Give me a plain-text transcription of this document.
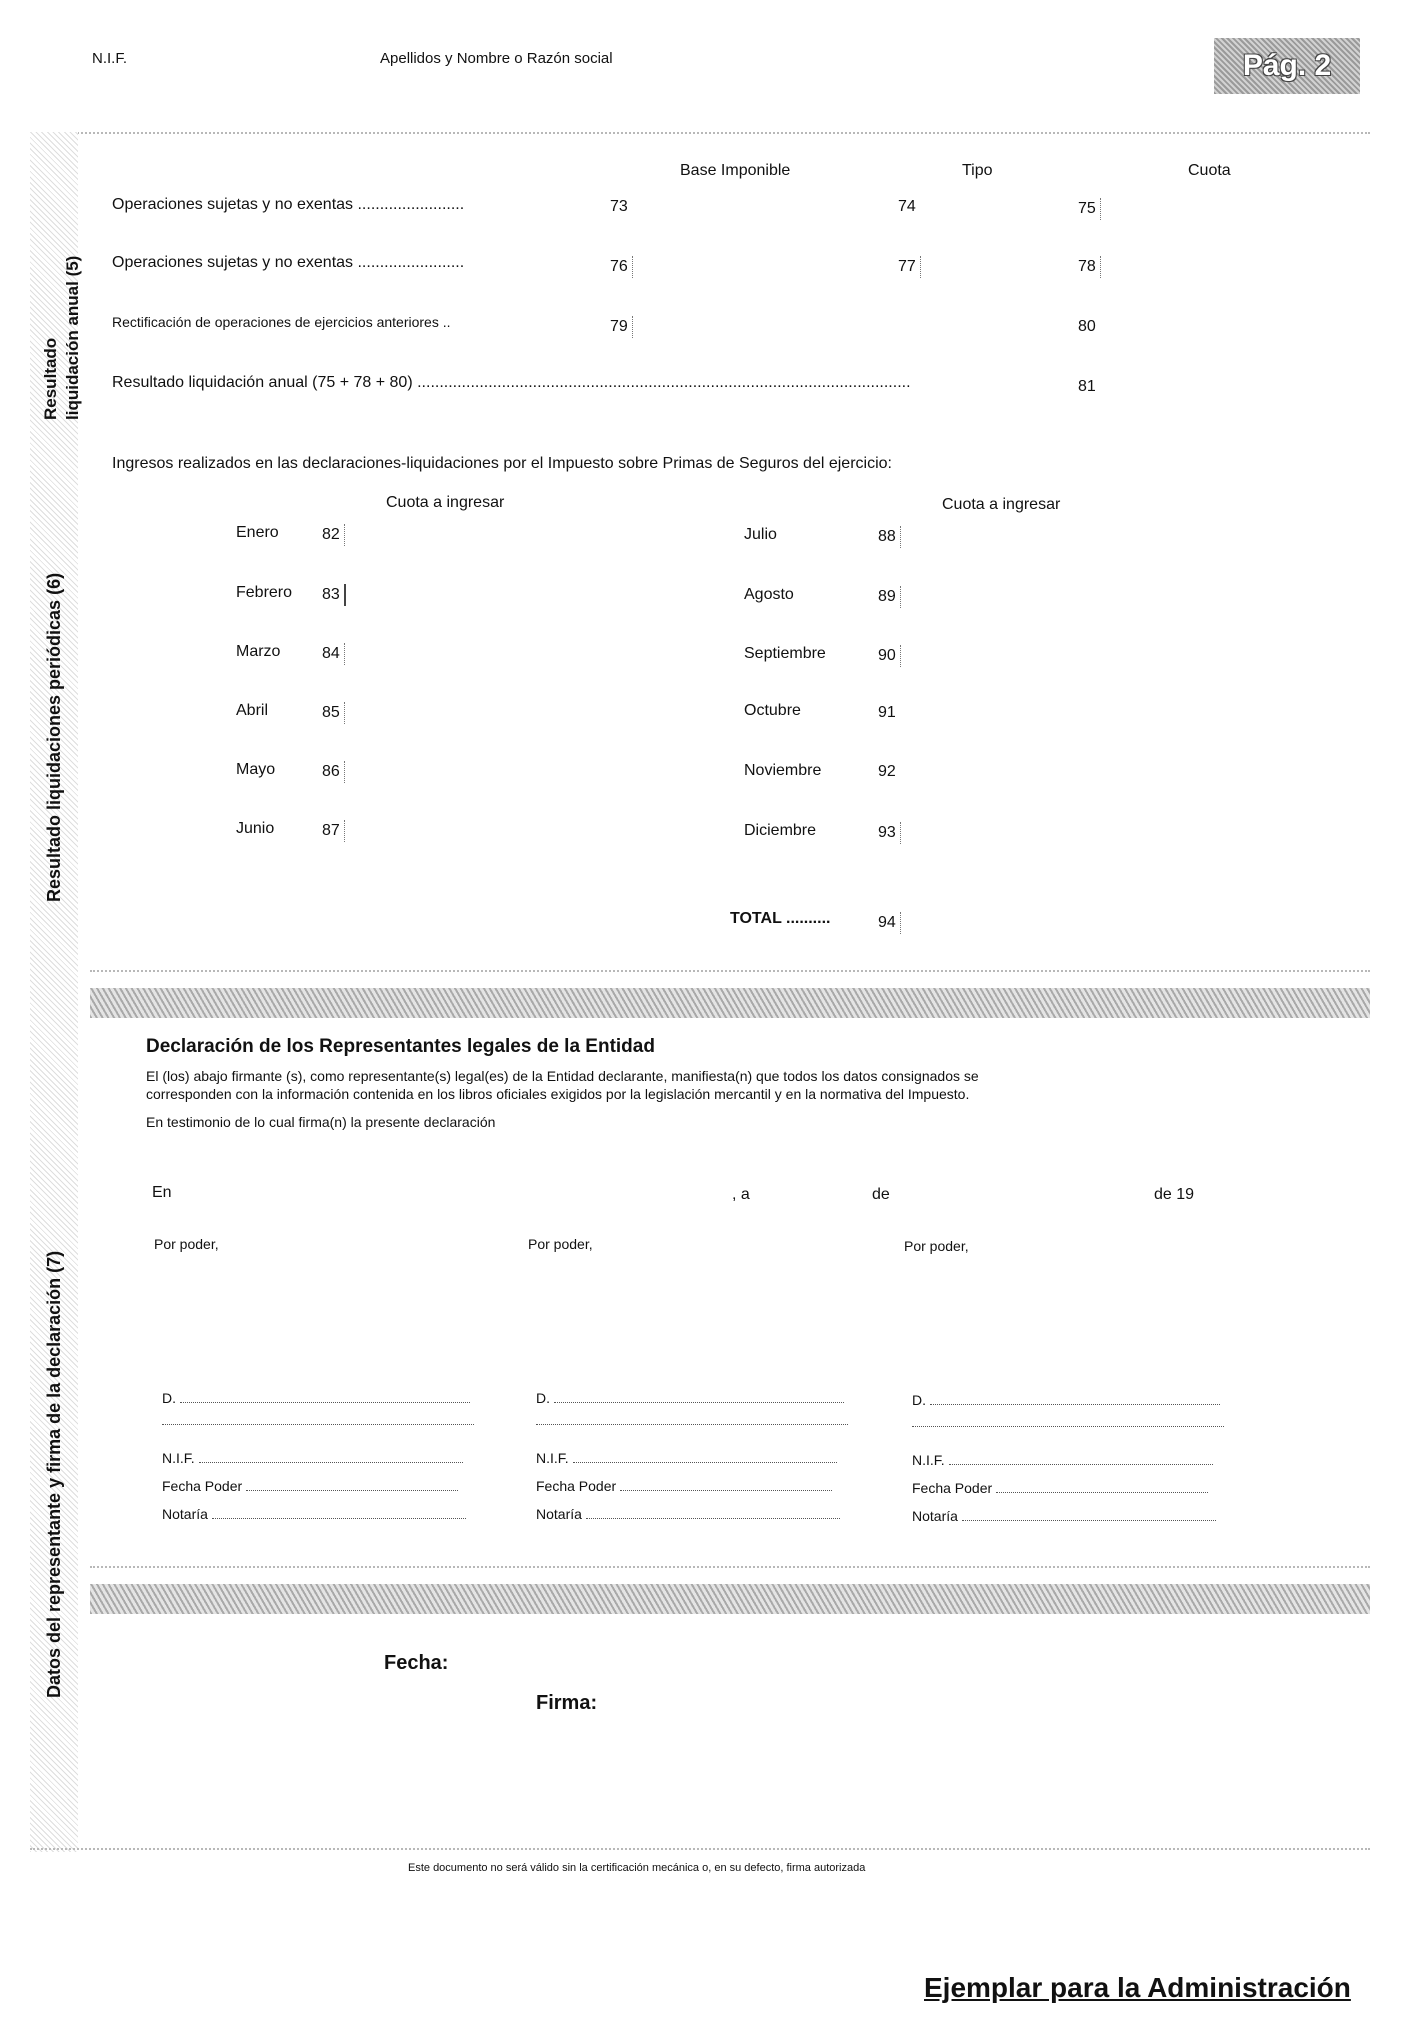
N.I.F.	Apellidos y Nombre o Razón social	Pág. 2
Resultado liquidación anual (5)
Resultado liquidaciones periódicas (6)
Datos del representante y firma de la declaración (7)
Base Imponible	Tipo	Cuota
Operaciones sujetas y no exentas ........................	73	74	75
Operaciones sujetas y no exentas ........................	76	77	78
Rectificación de operaciones de ejercicios anteriores ..	79	80
Resultado liquidación anual (75 + 78 + 80) ...............................................................................................................	81
Ingresos realizados en las declaraciones-liquidaciones por el Impuesto sobre Primas de Seguros del ejercicio:
Cuota a ingresar	Cuota a ingresar
Enero	82
Febrero 83
Marzo	84
Abril	85
Mayo	86
Junio	87
Julio	88
Agosto	89
Septiembre	90
Octubre	91
Noviembre	92
Diciembre	93
TOTAL ..........	94
Declaración de los Representantes legales de la Entidad
El (los) abajo firmante (s), como representante(s) legal(es) de la Entidad declarante, manifiesta(n) que todos los datos consignados se
corresponden con la información contenida en los libros oficiales exigidos por la legislación mercantil y en la normativa del Impuesto.
En testimonio de lo cual firma(n) la presente declaración
En	, a	de	de 19
Por poder,	Por poder,	Por poder,
D.
N.I.F.
Fecha Poder
Notaría
D.
N.I.F.
Fecha Poder
Notaría
D.
N.I.F.
Fecha Poder
Notaría
Fecha:
Firma:
Este documento no será válido sin la certificación mecánica o, en su defecto, firma autorizada
Ejemplar para la Administración
